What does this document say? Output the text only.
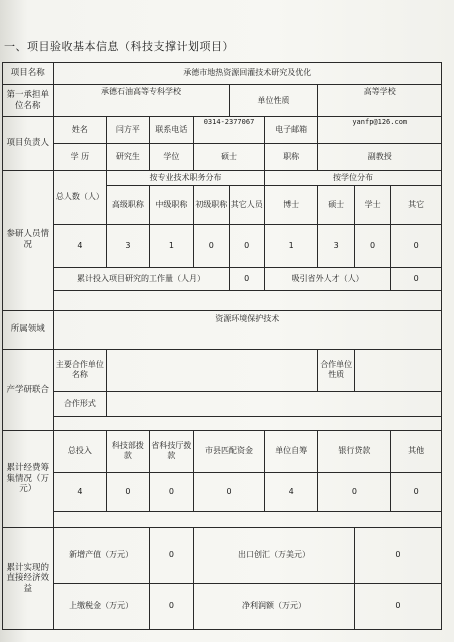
一、项目验收基本信息（科技支撑计划项目）
项目名称	承德市地热资源回灌技术研究及优化								
第一承担单位名称	承德石油高等专科学校				单位性质		高等学校		
项目负责人	姓名	闫方平	联系电话	0314-2377067		电子邮箱	yanfp@126.com		
	学 历	研究生	学位	硕士		职称	副教授		
参研人员情况	总人数（人）	按专业技术职务分布				按学位分布			
		高级职称	中级职称	初级职称	其它人员	博士	硕士	学士	其它
	4	3	1	0	0	1	3	0	0
	累计投入项目研究的工作量（人月）				0	吸引省外人才（人）			0

所属领域	资源环境保护技术								
产学研联合	主要合作单位名称						合作单位性质		
	合作形式								

累计经费筹集情况（万元）	总投入	科技部拨款	省科技厅拨款	市县匹配资金		单位自筹	银行贷款		其他
	4	0	0	0		4	0		0

累计实现的直接经济效益	新增产值（万元）		0	出口创汇（万美元）				0	
	上缴税金（万元）		0	净利润额（万元）				0	
